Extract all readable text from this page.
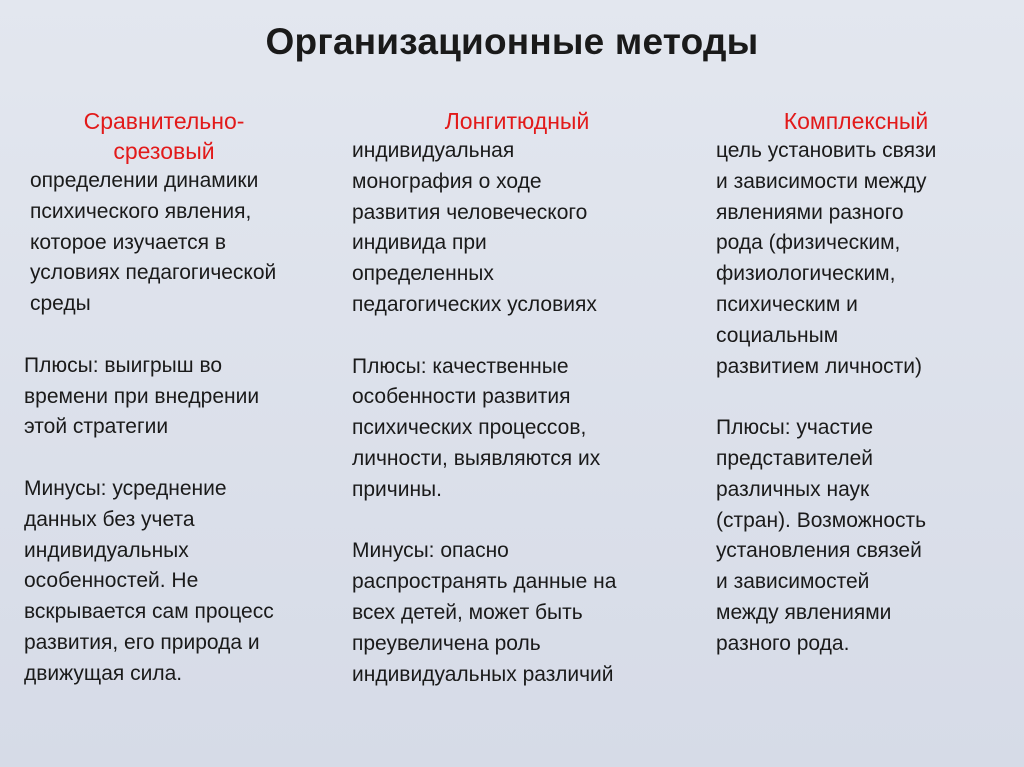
Организационные методы
Сравнительно-
срезовый
определении динамики
психического явления,
которое изучается в
условиях педагогической
среды
Плюсы: выигрыш во
времени при внедрении
этой стратегии
Минусы: усреднение
данных без учета
индивидуальных
особенностей. Не
вскрывается сам процесс
развития, его природа и
движущая сила.
Лонгитюдный
индивидуальная
монография о ходе
развития человеческого
индивида при
определенных
педагогических условиях
Плюсы: качественные
особенности развития
психических процессов,
личности, выявляются их
причины.
Минусы: опасно
распространять данные на
всех детей, может быть
преувеличена роль
индивидуальных различий
Комплексный
цель установить связи
и зависимости между
явлениями разного
рода (физическим,
физиологическим,
психическим и
социальным
развитием личности)
Плюсы: участие
представителей
различных наук
(стран). Возможность
установления связей
и зависимостей
между явлениями
разного рода.
